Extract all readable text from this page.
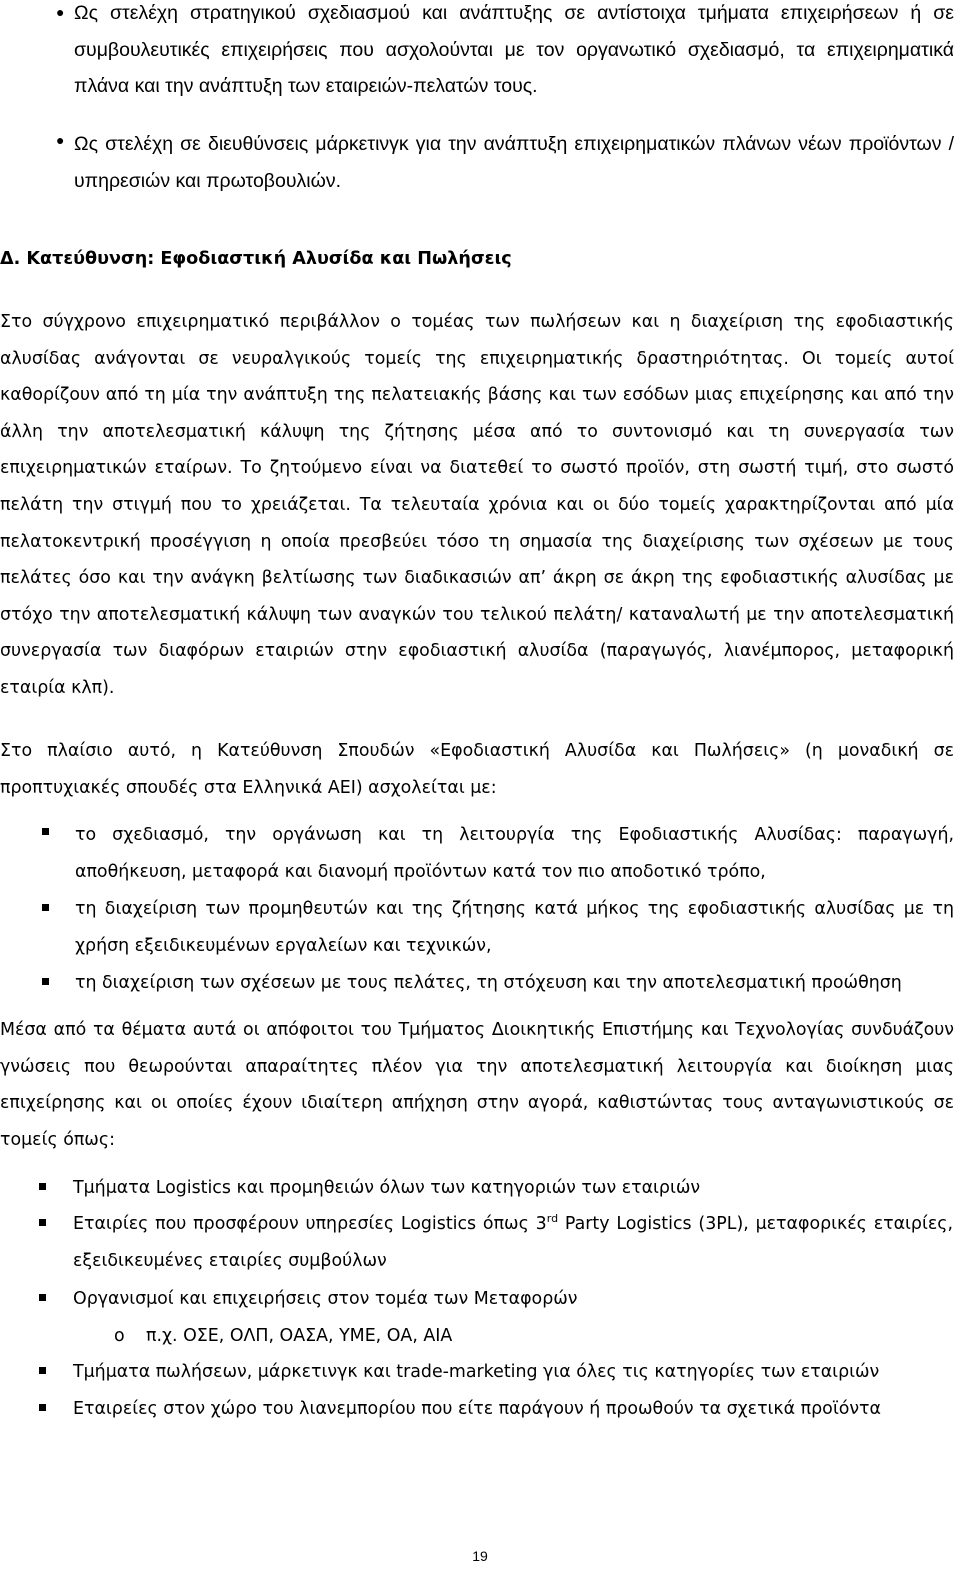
● Ως στελέχη στρατηγικού σχεδιασμού και ανάπτυξης σε αντίστοιχα τμήματα επιχειρήσεων ή σε συμβουλευτικές επιχειρήσεις που ασχολούνται με τον οργανωτικό σχεδιασμό, τα επιχειρηματικά πλάνα και την ανάπτυξη των εταιρειών-πελατών τους.

● Ως στελέχη σε διευθύνσεις μάρκετινγκ για την ανάπτυξη επιχειρηματικών πλάνων νέων προϊόντων / υπηρεσιών και πρωτοβουλιών.

Δ. Κατεύθυνση: Εφοδιαστική Αλυσίδα και Πωλήσεις

Στο σύγχρονο επιχειρηματικό περιβάλλον ο τομέας των πωλήσεων και η διαχείριση της εφοδιαστικής αλυσίδας ανάγονται σε νευραλγικούς τομείς της επιχειρηματικής δραστηριότητας. Οι τομείς αυτοί καθορίζουν από τη μία την ανάπτυξη της πελατειακής βάσης και των εσόδων μιας επιχείρησης και από την άλλη την αποτελεσματική κάλυψη της ζήτησης μέσα από το συντονισμό και τη συνεργασία των επιχειρηματικών εταίρων. Το ζητούμενο είναι να διατεθεί το σωστό προϊόν, στη σωστή τιμή, στο σωστό πελάτη την στιγμή που το χρειάζεται. Τα τελευταία χρόνια και οι δύο τομείς χαρακτηρίζονται από μία πελατοκεντρική προσέγγιση η οποία πρεσβεύει τόσο τη σημασία της διαχείρισης των σχέσεων με τους πελάτες όσο και την ανάγκη βελτίωσης των διαδικασιών απ’ άκρη σε άκρη της εφοδιαστικής αλυσίδας με στόχο την αποτελεσματική κάλυψη των αναγκών του τελικού πελάτη/ καταναλωτή με την αποτελεσματική συνεργασία των διαφόρων εταιριών στην εφοδιαστική αλυσίδα (παραγωγός, λιανέμπορος, μεταφορική εταιρία κλπ).

Στο πλαίσιο αυτό, η Κατεύθυνση Σπουδών «Εφοδιαστική Αλυσίδα και Πωλήσεις» (η μοναδική σε προπτυχιακές σπουδές στα Ελληνικά ΑΕΙ) ασχολείται με:

το σχεδιασμό, την οργάνωση και τη λειτουργία της Εφοδιαστικής Αλυσίδας: παραγωγή, αποθήκευση, μεταφορά και διανομή προϊόντων κατά τον πιο αποδοτικό τρόπο,

τη διαχείριση των προμηθευτών και της ζήτησης κατά μήκος της εφοδιαστικής αλυσίδας με τη χρήση εξειδικευμένων εργαλείων και τεχνικών,

τη διαχείριση των σχέσεων με τους πελάτες, τη στόχευση και την αποτελεσματική προώθηση

Μέσα από τα θέματα αυτά οι απόφοιτοι του Τμήματος Διοικητικής Επιστήμης και Τεχνολογίας συνδυάζουν γνώσεις που θεωρούνται απαραίτητες πλέον για την αποτελεσματική λειτουργία και διοίκηση μιας επιχείρησης και οι οποίες έχουν ιδιαίτερη απήχηση στην αγορά, καθιστώντας τους ανταγωνιστικούς σε τομείς όπως:

Τμήματα Logistics και προμηθειών όλων των κατηγοριών των εταιριών

Εταιρίες που προσφέρουν υπηρεσίες Logistics όπως 3rd Party Logistics (3PL), μεταφορικές εταιρίες, εξειδικευμένες εταιρίες συμβούλων

Οργανισμοί και επιχειρήσεις στον τομέα των Μεταφορών

o π.χ. ΟΣΕ, ΟΛΠ, ΟΑΣΑ, ΥΜΕ, ΟΑ, ΑΙΑ

Τμήματα πωλήσεων, μάρκετινγκ και trade-marketing για όλες τις κατηγορίες των εταιριών

Εταιρείες στον χώρο του λιανεμπορίου που είτε παράγουν ή προωθούν τα σχετικά προϊόντα

19
